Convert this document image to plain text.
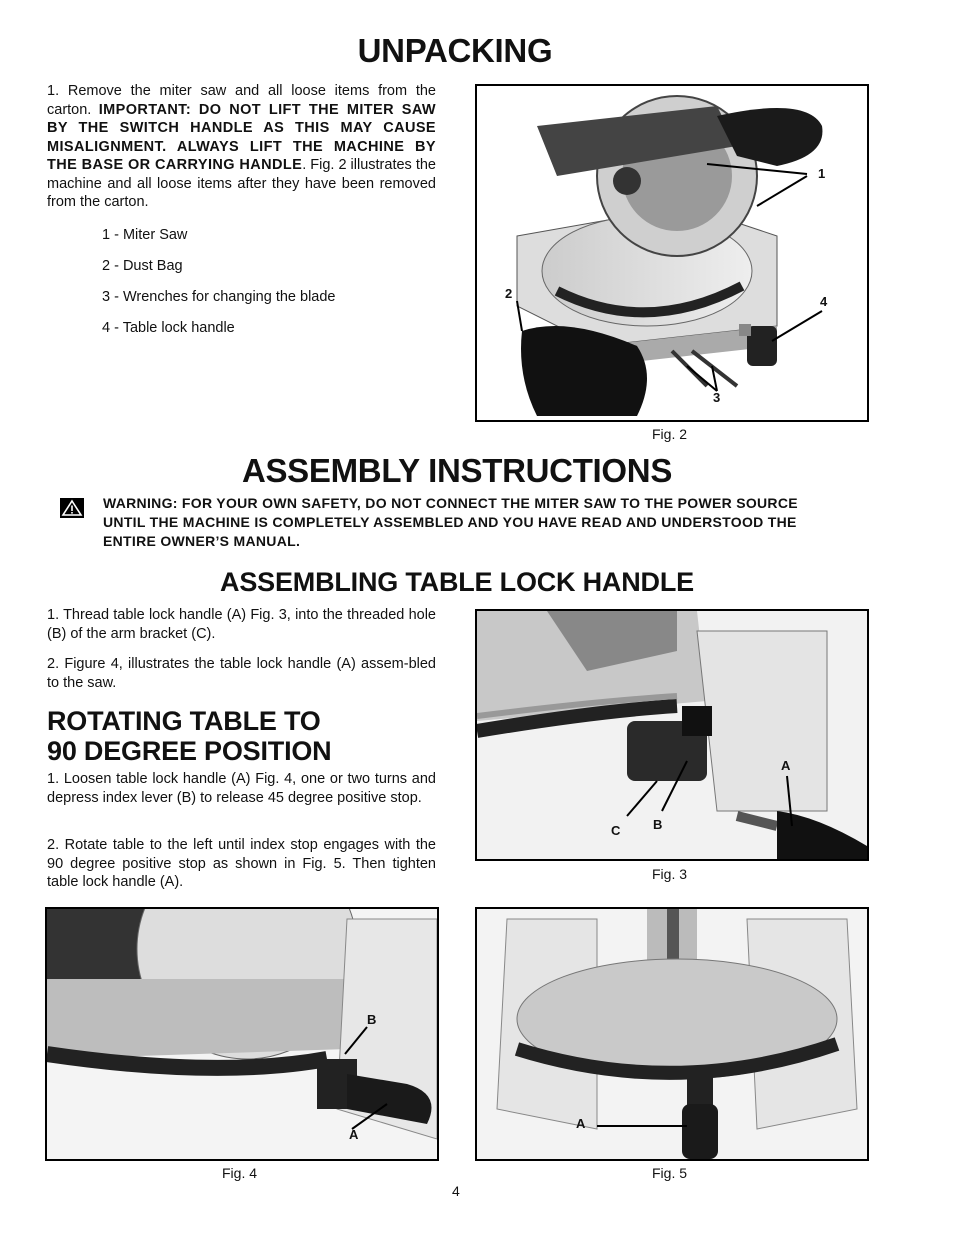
UNPACKING
1. Remove the miter saw and all loose items from the carton. IMPORTANT: DO NOT LIFT THE MITER SAW BY THE SWITCH HANDLE AS THIS MAY CAUSE MISALIGNMENT. ALWAYS LIFT THE MACHINE BY THE BASE OR CARRYING HANDLE. Fig. 2 illustrates the machine and all loose items after they have been removed from the carton.
1 - Miter Saw
2 - Dust Bag
3 - Wrenches for changing the blade
4 - Table lock handle
1
2
3
4
Fig. 2
ASSEMBLY INSTRUCTIONS
WARNING: FOR YOUR OWN SAFETY, DO NOT CONNECT THE MITER SAW TO THE POWER SOURCE UNTIL THE MACHINE IS COMPLETELY ASSEMBLED AND YOU HAVE READ AND UNDERSTOOD THE ENTIRE OWNER’S MANUAL.
ASSEMBLING TABLE LOCK HANDLE
1. Thread table lock handle (A) Fig. 3, into the threaded hole (B) of the arm bracket (C).
2. Figure 4, illustrates the table lock handle (A) assem-bled to the saw.
ROTATING TABLE TO
90 DEGREE POSITION
1. Loosen table lock handle (A) Fig. 4, one or two turns and depress index lever (B) to release 45 degree positive stop.
2. Rotate table to the left until index stop engages with the 90 degree positive stop as shown in Fig. 5. Then tighten table lock handle (A).
A
B
C
Fig. 3
B
A
Fig. 4
A
Fig. 5
4
